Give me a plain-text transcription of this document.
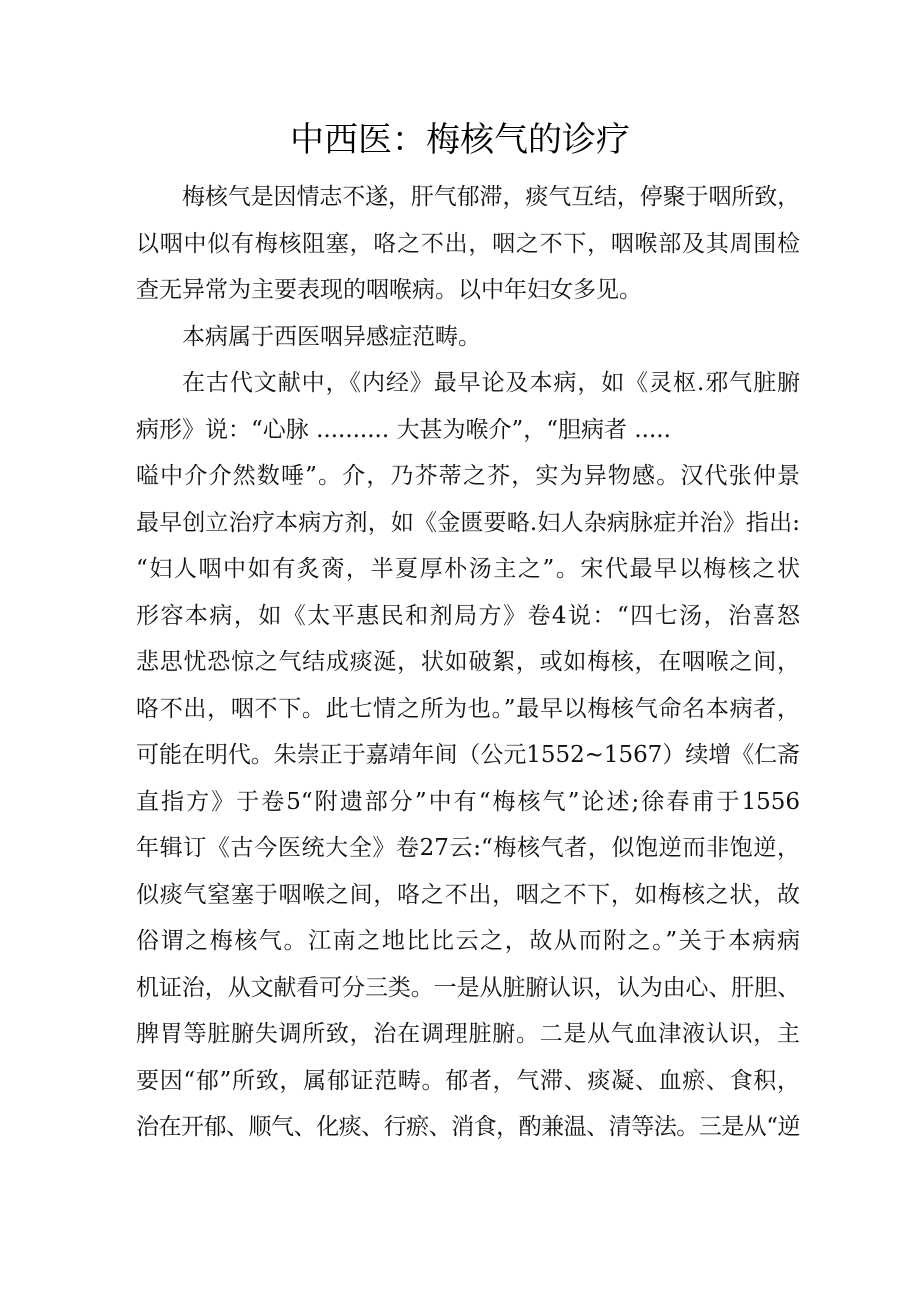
中西医：梅核气的诊疗
梅核气是因情志不遂，肝气郁滞，痰气互结，停聚于咽所致，
以咽中似有梅核阻塞，咯之不出，咽之不下，咽喉部及其周围检
查无异常为主要表现的咽喉病。以中年妇女多见。
本病属于西医咽异感症范畴。
在古代文献中，《内经》最早论及本病，如《灵枢.邪气脏腑
病形》说：“心脉 .......... 大甚为喉介”，“胆病者 .....
嗌中介介然数唾”。介，乃芥蒂之芥，实为异物感。汉代张仲景
最早创立治疗本病方剂，如《金匮要略.妇人杂病脉症并治》指出:
“妇人咽中如有炙脔，半夏厚朴汤主之”。宋代最早以梅核之状
形容本病，如《太平惠民和剂局方》卷4说：“四七汤，治喜怒
悲思忧恐惊之气结成痰涎，状如破絮，或如梅核，在咽喉之间，
咯不出，咽不下。此七情之所为也。”最早以梅核气命名本病者，
可能在明代。朱崇正于嘉靖年间（公元1552~1567）续增《仁斋
直指方》于卷5“附遗部分”中有“梅核气”论述;徐春甫于1556
年辑订《古今医统大全》卷27云:“梅核气者，似饱逆而非饱逆，
似痰气窒塞于咽喉之间，咯之不出，咽之不下，如梅核之状，故
俗谓之梅核气。江南之地比比云之，故从而附之。”关于本病病
机证治，从文献看可分三类。一是从脏腑认识，认为由心、肝胆、
脾胃等脏腑失调所致，治在调理脏腑。二是从气血津液认识，主
要因“郁”所致，属郁证范畴。郁者，气滞、痰凝、血瘀、食积，
治在开郁、顺气、化痰、行瘀、消食，酌兼温、清等法。三是从“逆
